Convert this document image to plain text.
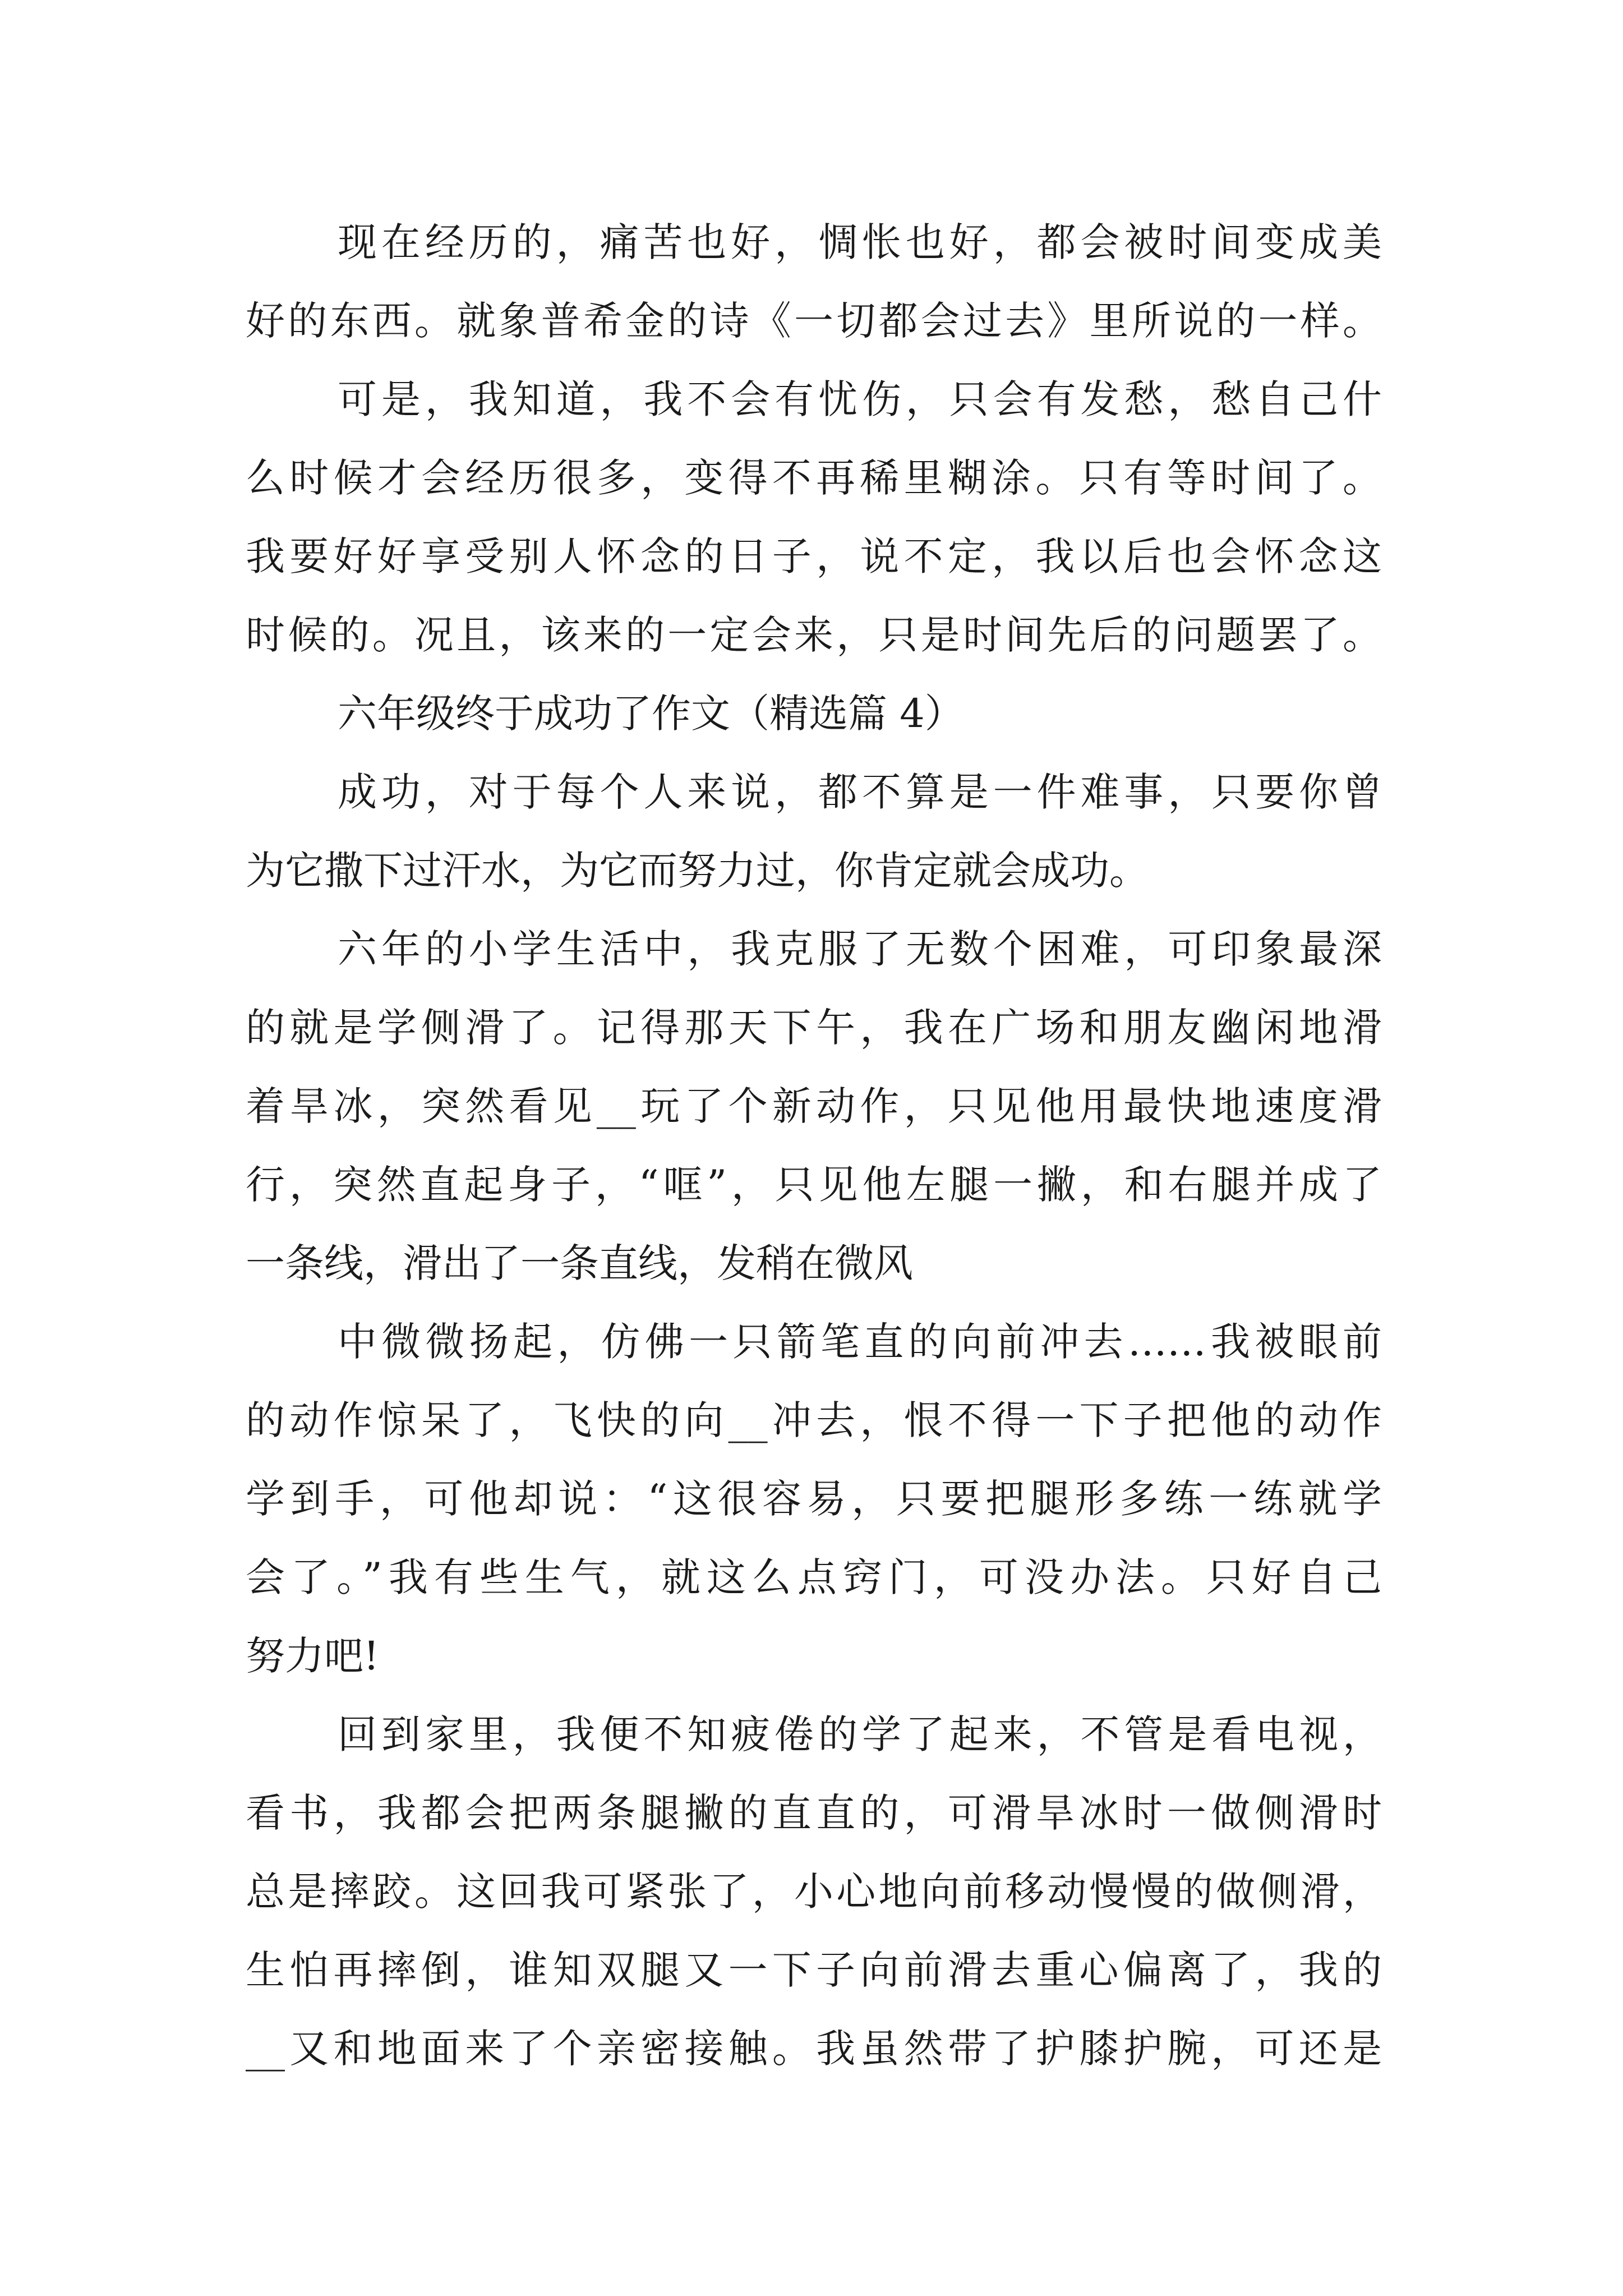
现在经历的，痛苦也好，惆怅也好，都会被时间变成美
好的东西。就象普希金的诗《一切都会过去》里所说的一样。
可是，我知道，我不会有忧伤，只会有发愁，愁自己什
么时候才会经历很多，变得不再稀里糊涂。只有等时间了。
我要好好享受别人怀念的日子，说不定，我以后也会怀念这
时候的。况且，该来的一定会来，只是时间先后的问题罢了。
六年级终于成功了作文（精选篇 4）
成功，对于每个人来说，都不算是一件难事，只要你曾
为它撒下过汗水，为它而努力过，你肯定就会成功。
六年的小学生活中，我克服了无数个困难，可印象最深
的就是学侧滑了。记得那天下午，我在广场和朋友幽闲地滑
着旱冰，突然看见__玩了个新动作，只见他用最快地速度滑
行，突然直起身子，“哐”，只见他左腿一撇，和右腿并成了
一条线，滑出了一条直线，发稍在微风
中微微扬起，仿佛一只箭笔直的向前冲去……我被眼前
的动作惊呆了，飞快的向__冲去，恨不得一下子把他的动作
学到手，可他却说：“这很容易，只要把腿形多练一练就学
会了。”我有些生气，就这么点窍门，可没办法。只好自己
努力吧!
回到家里，我便不知疲倦的学了起来，不管是看电视，
看书，我都会把两条腿撇的直直的，可滑旱冰时一做侧滑时
总是摔跤。这回我可紧张了，小心地向前移动慢慢的做侧滑，
生怕再摔倒，谁知双腿又一下子向前滑去重心偏离了，我的
__又和地面来了个亲密接触。我虽然带了护膝护腕，可还是
